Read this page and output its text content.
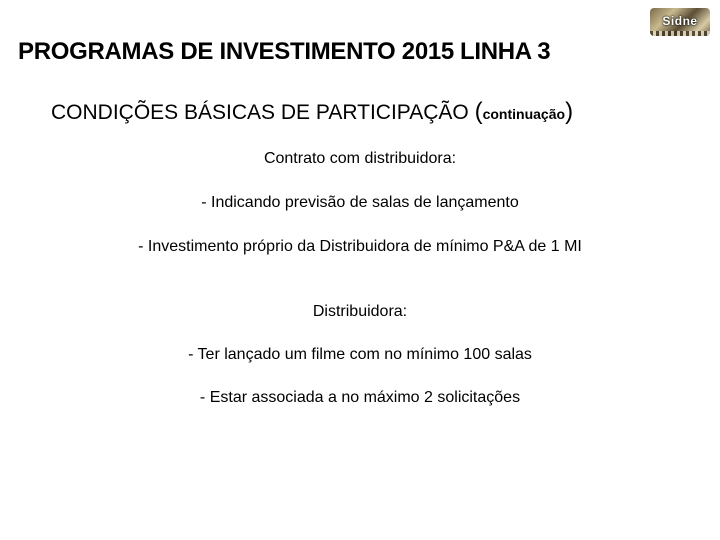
Sidne
PROGRAMAS DE INVESTIMENTO 2015 LINHA 3
CONDIÇÕES BÁSICAS DE PARTICIPAÇÃO (continuação)
Contrato com distribuidora:
- Indicando previsão de salas de lançamento
- Investimento próprio da Distribuidora de mínimo P&A de 1 MI
Distribuidora:
- Ter lançado um filme com no mínimo 100 salas
- Estar associada a no máximo 2 solicitações
